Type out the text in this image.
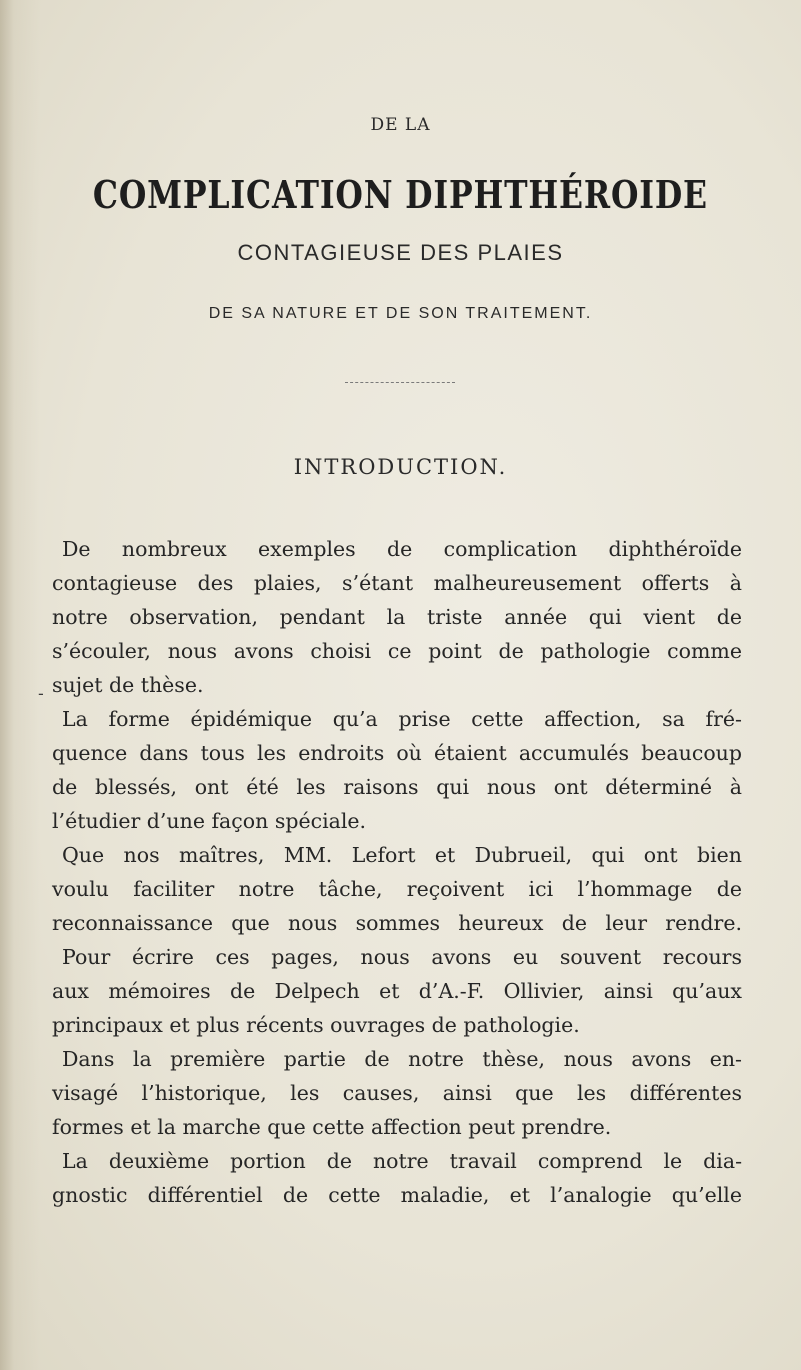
DE LA
COMPLICATION DIPHTHÉROIDE
CONTAGIEUSE DES PLAIES
DE SA NATURE ET DE SON TRAITEMENT.
INTRODUCTION.
-
De nombreux exemples de complication diphthéroïde
contagieuse des plaies, s’étant malheureusement offerts à
notre observation, pendant la triste année qui vient de
s’écouler, nous avons choisi ce point de pathologie comme
sujet de thèse.
La forme épidémique qu’a prise cette affection, sa fré-
quence dans tous les endroits où étaient accumulés beaucoup
de blessés, ont été les raisons qui nous ont déterminé à
l’étudier d’une façon spéciale.
Que nos maîtres, MM. Lefort et Dubrueil, qui ont bien
voulu faciliter notre tâche, reçoivent ici l’hommage de
reconnaissance que nous sommes heureux de leur rendre.
Pour écrire ces pages, nous avons eu souvent recours
aux mémoires de Delpech et d’A.-F. Ollivier, ainsi qu’aux
principaux et plus récents ouvrages de pathologie.
Dans la première partie de notre thèse, nous avons en-
visagé l’historique, les causes, ainsi que les différentes
formes et la marche que cette affection peut prendre.
La deuxième portion de notre travail comprend le dia-
gnostic différentiel de cette maladie, et l’analogie qu’elle
